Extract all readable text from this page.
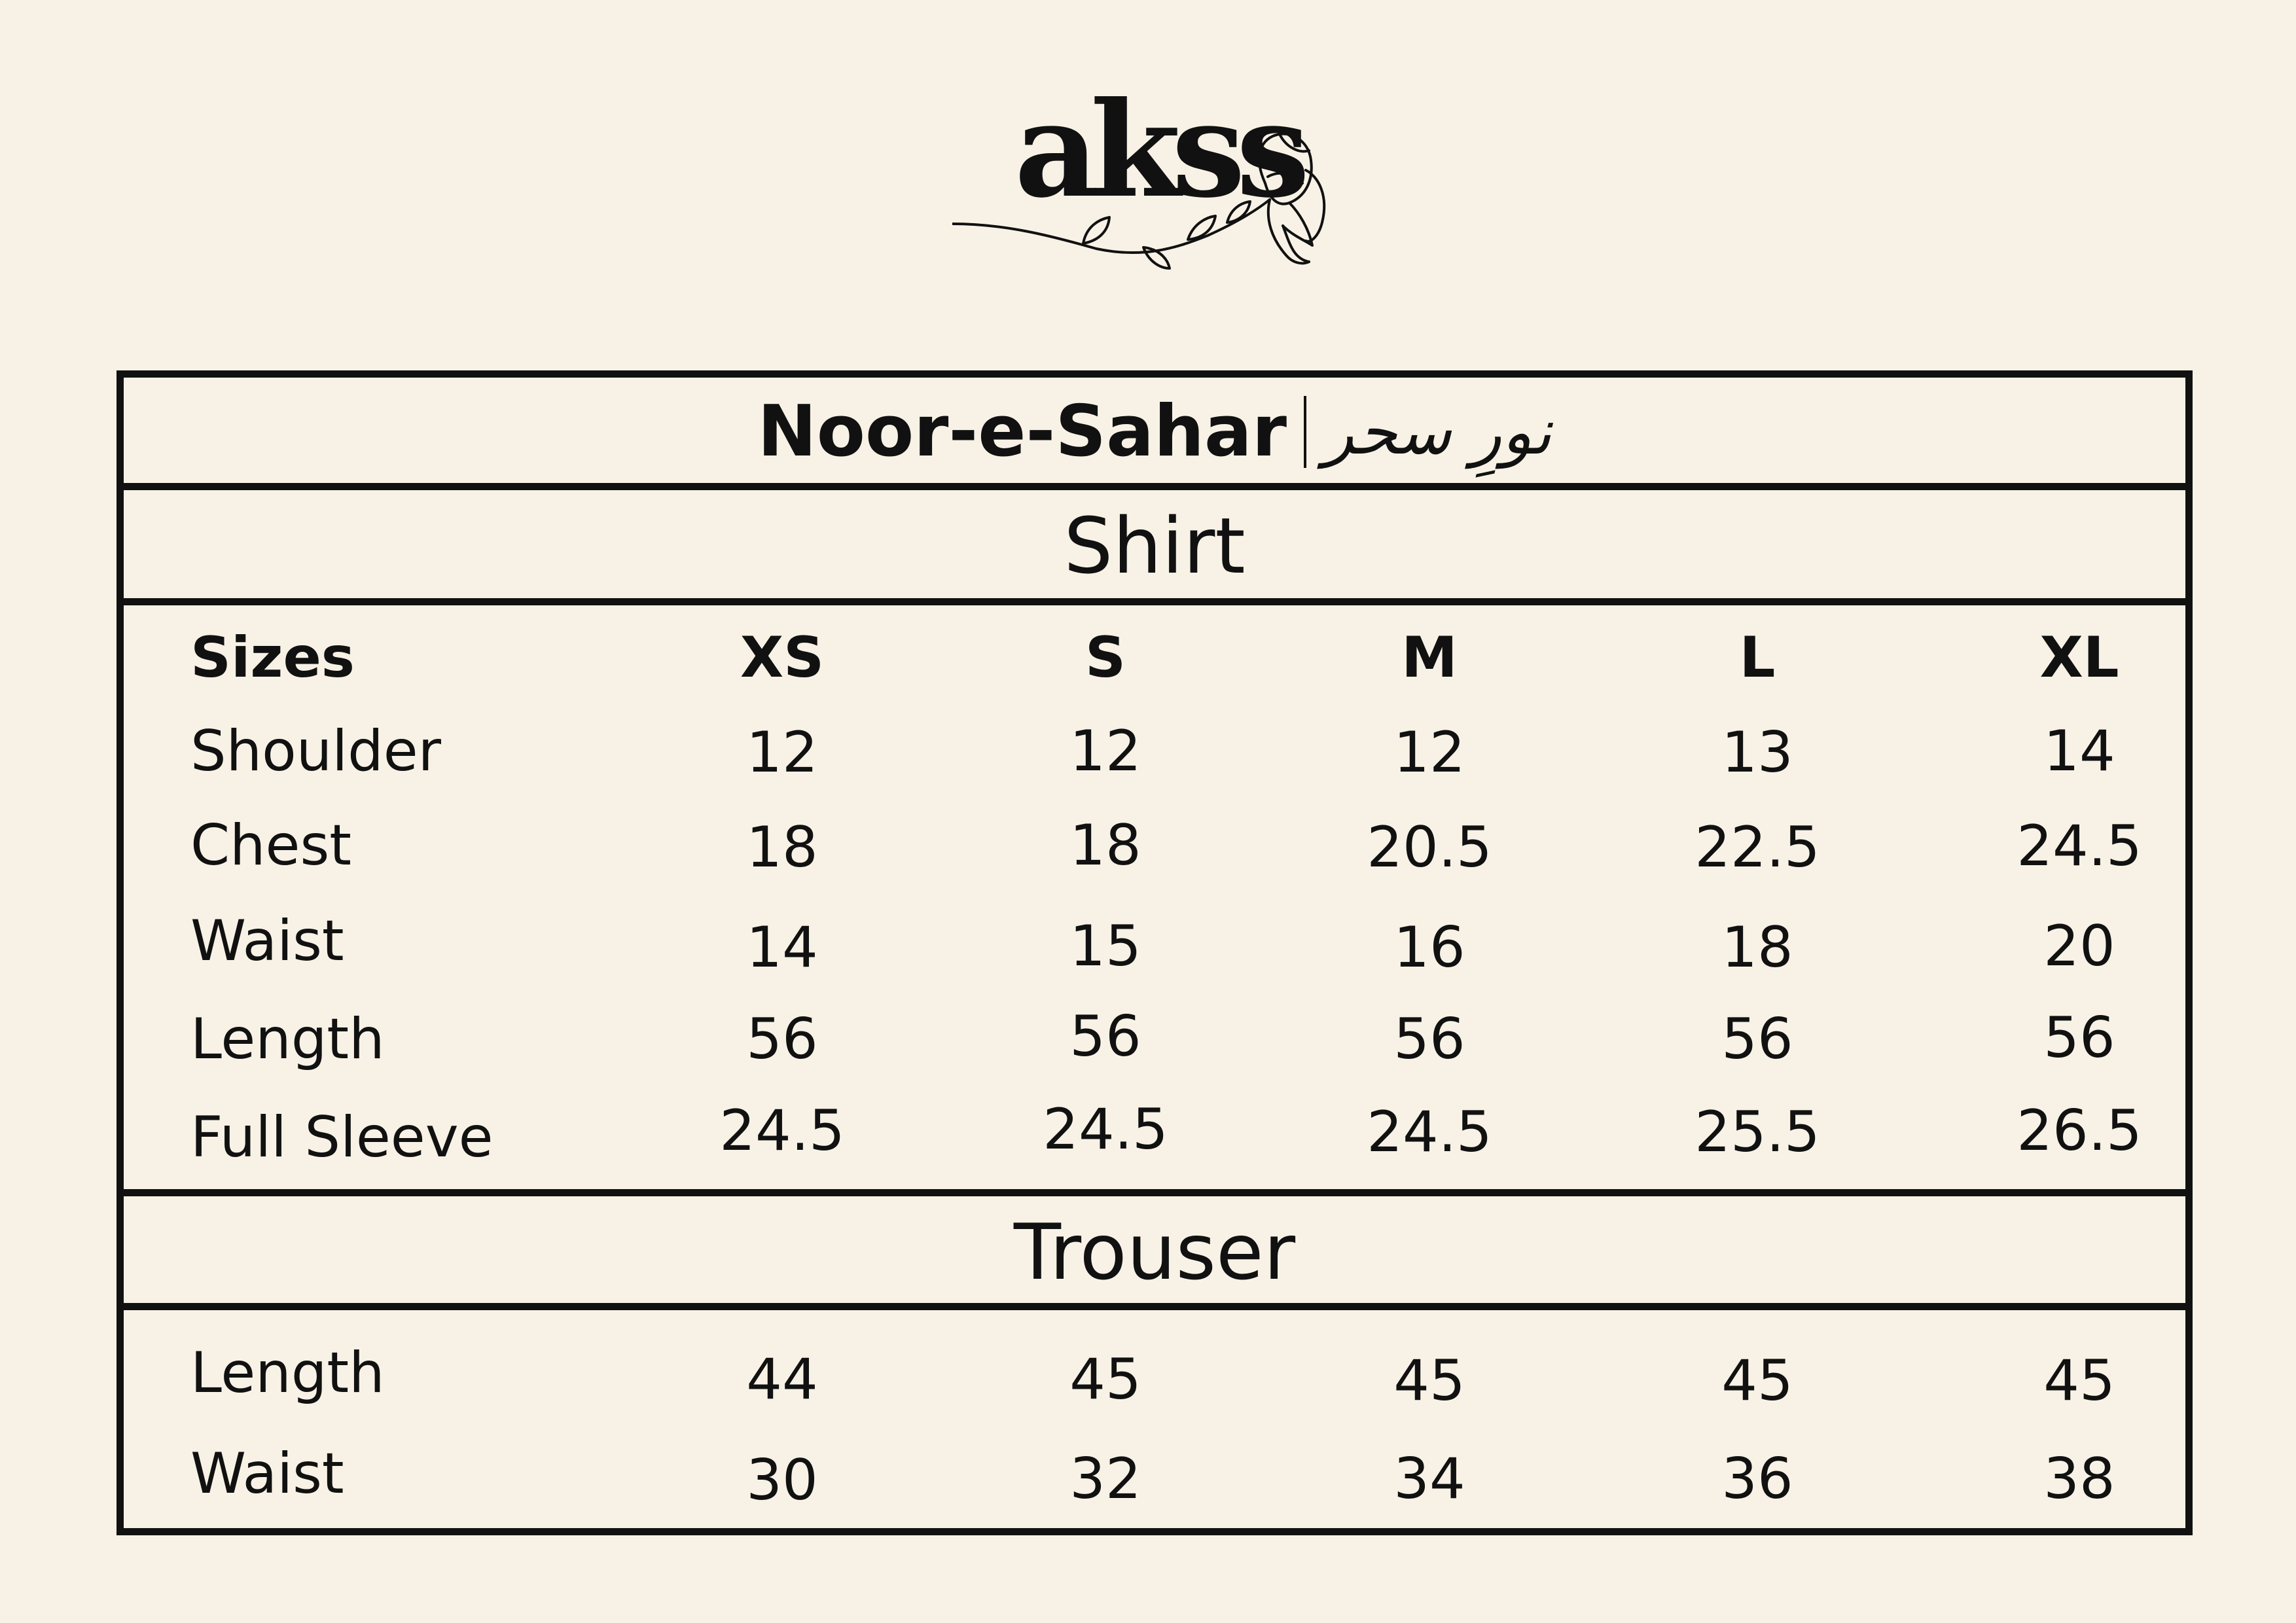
akss
Noor-e-Sahar نورِ سحر
Shirt
Sizes	XS	S	M	L	XL
Shoulder	12	12	12	13	14
Chest	18	18	20.5	22.5	24.5
Waist	14	15	16	18	20
Length	56	56	56	56	56
Full Sleeve	24.5	24.5	24.5	25.5	26.5
Trouser
Length	44	45	45	45	45
Waist	30	32	34	36	38
